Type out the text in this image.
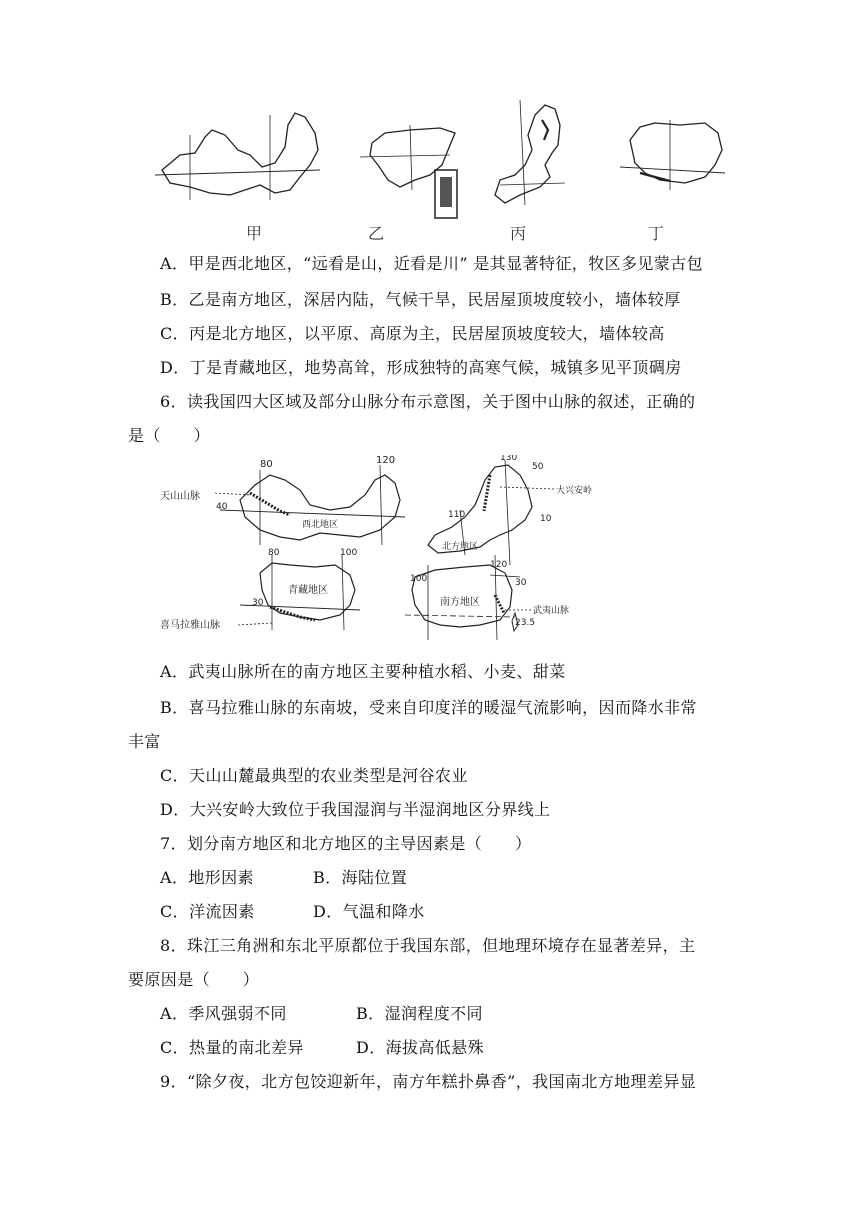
甲	乙	丙	丁
A．甲是西北地区，“远看是山，近看是川” 是其显著特征，牧区多见蒙古包
B．乙是南方地区，深居内陆，气候干旱，民居屋顶坡度较小，墙体较厚
C．丙是北方地区，以平原、高原为主，民居屋顶坡度较大，墙体较高
D．丁是青藏地区，地势高耸，形成独特的高寒气候，城镇多见平顶碉房
6．读我国四大区域及部分山脉分布示意图，关于图中山脉的叙述，正确的
是（　　）
天山山脉
80	120
40
西北地区
130
50
110	10
大兴安岭
北方地区
80	100
30
青藏地区
喜马拉雅山脉
100
120
30
23.5
武夷山脉
南方地区
A．武夷山脉所在的南方地区主要种植水稻、小麦、甜菜
B．喜马拉雅山脉的东南坡，受来自印度洋的暖湿气流影响，因而降水非常
丰富
C．天山山麓最典型的农业类型是河谷农业
D．大兴安岭大致位于我国湿润与半湿润地区分界线上
7．划分南方地区和北方地区的主导因素是（　　）
A．地形因素	B．海陆位置
C．洋流因素	D．气温和降水
8．珠江三角洲和东北平原都位于我国东部，但地理环境存在显著差异，主
要原因是（　　）
A．季风强弱不同	B．湿润程度不同
C．热量的南北差异	D．海拔高低悬殊
9．“除夕夜，北方包饺迎新年，南方年糕扑鼻香”，我国南北方地理差异显
